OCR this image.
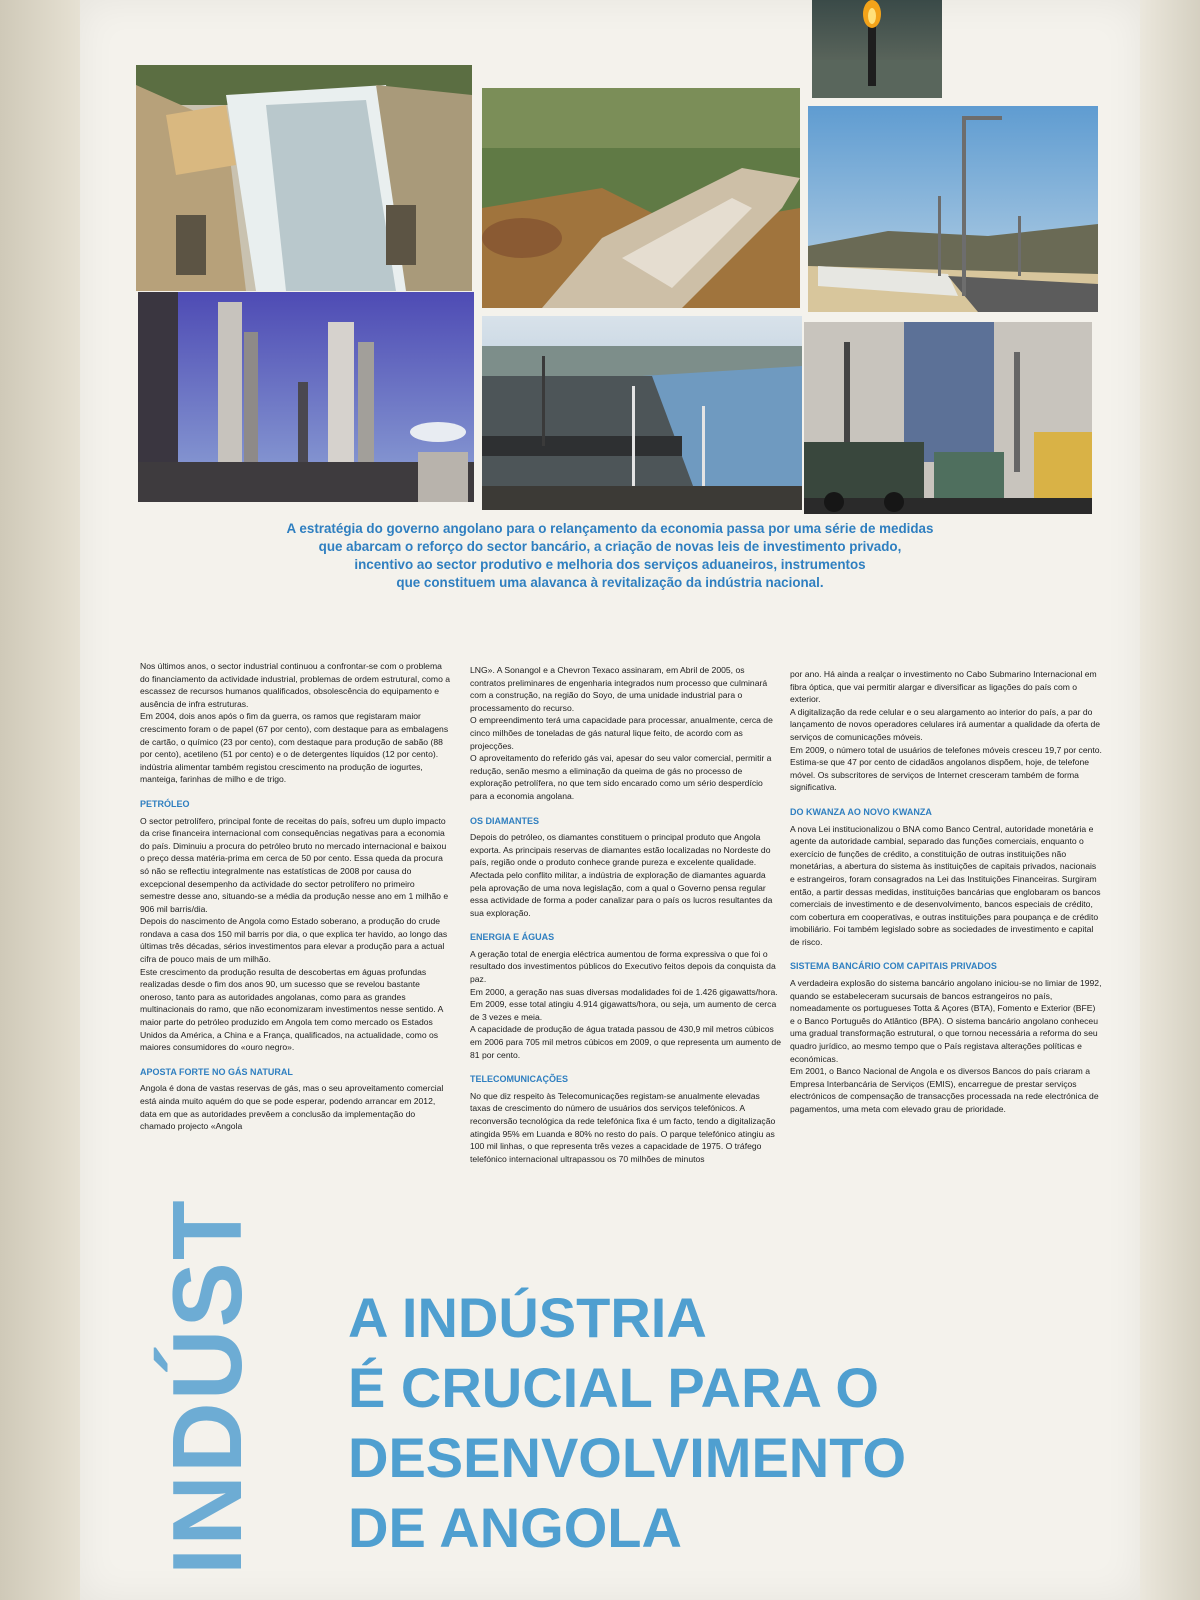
A estratégia do governo angolano para o relançamento da economia passa por uma série de medidas

que abarcam o reforço do sector bancário, a criação de novas leis de investimento privado,

incentivo ao sector produtivo e melhoria dos serviços aduaneiros, instrumentos

que constituem uma alavanca à revitalização da indústria nacional.

Nos últimos anos, o sector industrial continuou a confrontar-se com o problema do financiamento da actividade industrial, problemas de ordem estrutural, como a escassez de recursos humanos qualificados, obsolescência do equipamento e ausência de infra estruturas.

Em 2004, dois anos após o fim da guerra, os ramos que registaram maior crescimento foram o de papel (67 por cento), com destaque para as embalagens de cartão, o químico (23 por cento), com destaque para produção de sabão (88 por cento), acetileno (51 por cento) e o de detergentes líquidos (12 por cento). indústria alimentar também registou crescimento na produção de iogurtes, manteiga, farinhas de milho e de trigo.

PETRÓLEO

O sector petrolífero, principal fonte de receitas do país, sofreu um duplo impacto da crise financeira internacional com consequências negativas para a economia do país. Diminuiu a procura do petróleo bruto no mercado internacional e baixou o preço dessa matéria-prima em cerca de 50 por cento. Essa queda da procura só não se reflectiu integralmente nas estatísticas de 2008 por causa do excepcional desempenho da actividade do sector petrolífero no primeiro semestre desse ano, situando-se a média da produção nesse ano em 1 milhão e 906 mil barris/dia.

Depois do nascimento de Angola como Estado soberano, a produção do crude rondava a casa dos 150 mil barris por dia, o que explica ter havido, ao longo das últimas três décadas, sérios investimentos para elevar a produção para a actual cifra de pouco mais de um milhão.

Este crescimento da produção resulta de descobertas em águas profundas realizadas desde o fim dos anos 90, um sucesso que se revelou bastante oneroso, tanto para as autoridades angolanas, como para as grandes multinacionais do ramo, que não economizaram investimentos nesse sentido. A maior parte do petróleo produzido em Angola tem como mercado os Estados Unidos da América, a China e a França, qualificados, na actualidade, como os maiores consumidores do «ouro negro».

APOSTA FORTE NO GÁS NATURAL

Angola é dona de vastas reservas de gás, mas o seu aproveitamento comercial está ainda muito aquém do que se pode esperar, podendo arrancar em 2012, data em que as autoridades prevêem a conclusão da implementação do chamado projecto «Angola

LNG». A Sonangol e a Chevron Texaco assinaram, em Abril de 2005, os contratos preliminares de engenharia integrados num processo que culminará com a construção, na região do Soyo, de uma unidade industrial para o processamento do recurso.

O empreendimento terá uma capacidade para processar, anualmente, cerca de cinco milhões de toneladas de gás natural lique feito, de acordo com as projecções.

O aproveitamento do referido gás vai, apesar do seu valor comercial, permitir a redução, senão mesmo a eliminação da queima de gás no processo de exploração petrolífera, no que tem sido encarado como um sério desperdício para a economia angolana.

OS DIAMANTES

Depois do petróleo, os diamantes constituem o principal produto que Angola exporta. As principais reservas de diamantes estão localizadas no Nordeste do país, região onde o produto conhece grande pureza e excelente qualidade.

Afectada pelo conflito militar, a indústria de exploração de diamantes aguarda pela aprovação de uma nova legislação, com a qual o Governo pensa regular essa actividade de forma a poder canalizar para o país os lucros resultantes da sua exploração.

ENERGIA E ÁGUAS

A geração total de energia eléctrica aumentou de forma expressiva o que foi o resultado dos investimentos públicos do Executivo feitos depois da conquista da paz.

Em 2000, a geração nas suas diversas modalidades foi de 1.426 gigawatts/hora. Em 2009, esse total atingiu 4.914 gigawatts/hora, ou seja, um aumento de cerca de 3 vezes e meia.

A capacidade de produção de água tratada passou de 430,9 mil metros cúbicos em 2006 para 705 mil metros cúbicos em 2009, o que representa um aumento de 81 por cento.

TELECOMUNICAÇÕES

No que diz respeito às Telecomunicações registam-se anualmente elevadas taxas de crescimento do número de usuários dos serviços telefónicos. A reconversão tecnológica da rede telefónica fixa é um facto, tendo a digitalização atingida 95% em Luanda e 80% no resto do país. O parque telefónico atingiu as 100 mil linhas, o que representa três vezes a capacidade de 1975. O tráfego telefónico internacional ultrapassou os 70 milhões de minutos

por ano. Há ainda a realçar o investimento no Cabo Submarino Internacional em fibra óptica, que vai permitir alargar e diversificar as ligações do país com o exterior.

A digitalização da rede celular e o seu alargamento ao interior do país, a par do lançamento de novos operadores celulares irá aumentar a qualidade da oferta de serviços de comunicações móveis.

Em 2009, o número total de usuários de telefones móveis cresceu 19,7 por cento. Estima-se que 47 por cento de cidadãos angolanos dispõem, hoje, de telefone móvel. Os subscritores de serviços de Internet cresceram também de forma significativa.

DO KWANZA AO NOVO KWANZA

A nova Lei institucionalizou o BNA como Banco Central, autoridade monetária e agente da autoridade cambial, separado das funções comerciais, enquanto o exercício de funções de crédito, a constituição de outras instituições não monetárias, a abertura do sistema às instituições de capitais privados, nacionais e estrangeiros, foram consagrados na Lei das Instituições Financeiras. Surgiram então, a partir dessas medidas, instituições bancárias que englobaram os bancos comerciais de investimento e de desenvolvimento, bancos especiais de crédito, com cobertura em cooperativas, e outras instituições para poupança e de crédito imobiliário. Foi também legislado sobre as sociedades de investimento e capital de risco.

SISTEMA BANCÁRIO COM CAPITAIS PRIVADOS

A verdadeira explosão do sistema bancário angolano iniciou-se no limiar de 1992, quando se estabeleceram sucursais de bancos estrangeiros no país, nomeadamente os portugueses Totta & Açores (BTA), Fomento e Exterior (BFE) e o Banco Português do Atlântico (BPA). O sistema bancário angolano conheceu uma gradual transformação estrutural, o que tornou necessária a reforma do seu quadro jurídico, ao mesmo tempo que o País registava alterações políticas e económicas.

Em 2001, o Banco Nacional de Angola e os diversos Bancos do país criaram a Empresa Interbancária de Serviços (EMIS), encarregue de prestar serviços electrónicos de compensação de transacções processada na rede electrónica de pagamentos, uma meta com elevado grau de prioridade.

INDÚST A INDÚSTRIA
É CRUCIAL PARA O
DESENVOLVIMENTO
DE ANGOLA
